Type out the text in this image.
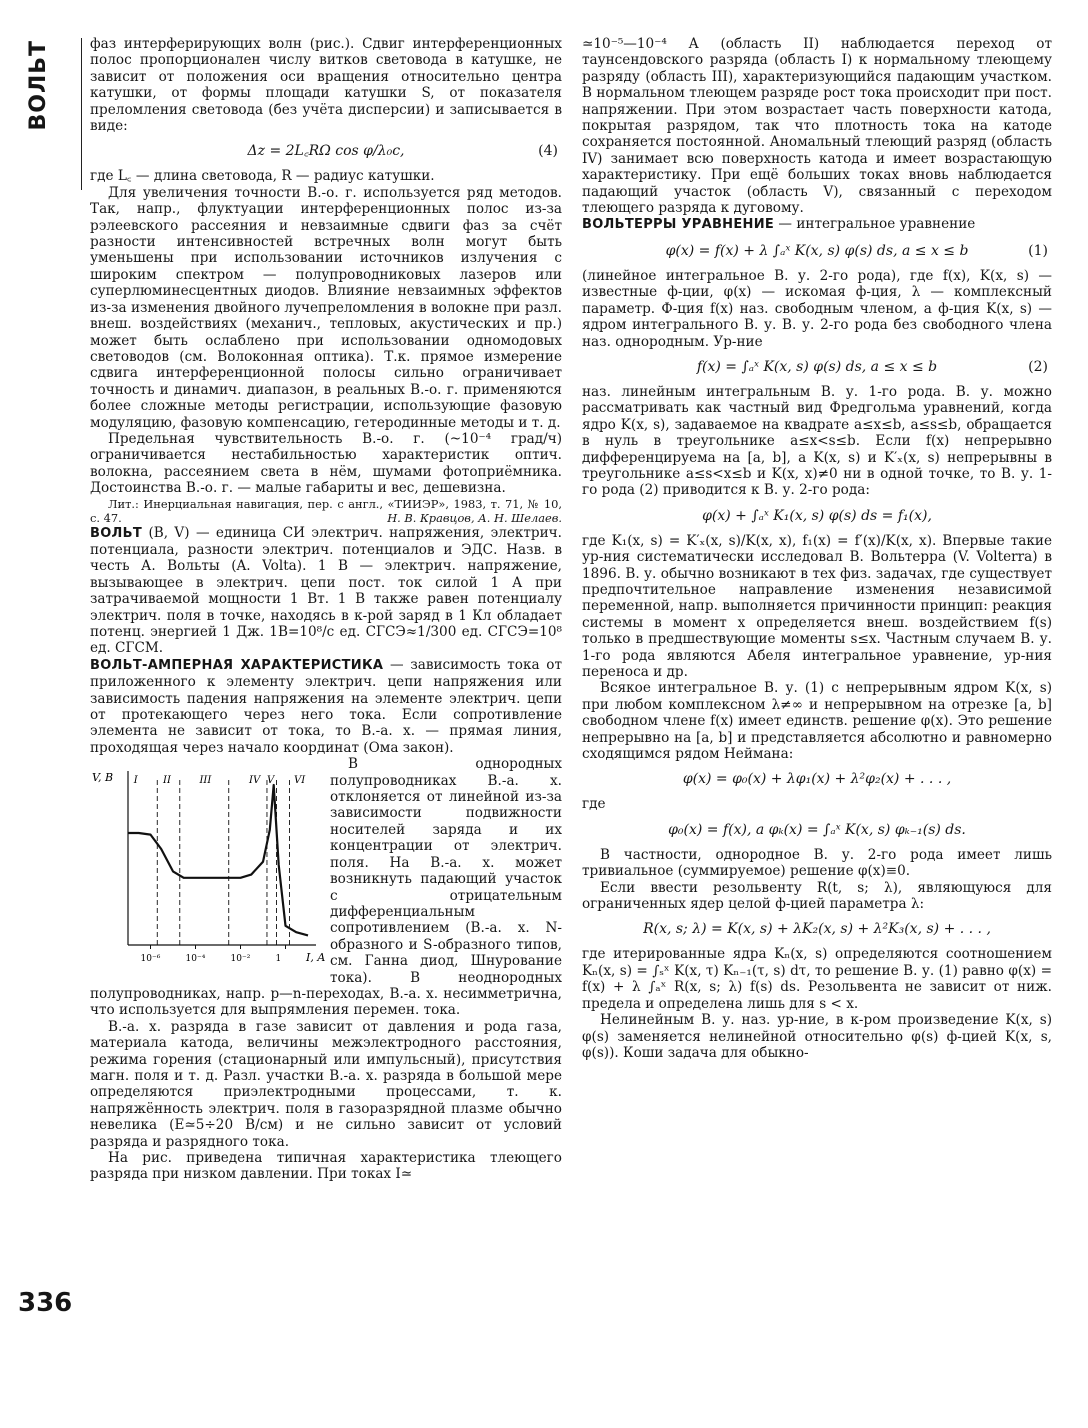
ВОЛЬТ
336

фаз интерферирующих волн (рис.). Сдвиг интерференционных полос пропорционален числу витков световода в катушке, не зависит от положения оси вращения относительно центра катушки, от формы площади катушки S, от показателя преломления световода (без учёта дисперсии) и записывается в виде:

Δz = 2L꜀RΩ cos φ/λ₀c,	(4)

где L꜀ — длина световода, R — радиус катушки.

Для увеличения точности В.-о. г. используется ряд методов. Так, напр., флуктуации интерференционных полос из-за рэлеевского рассеяния и невзаимные сдвиги фаз за счёт разности интенсивностей встречных волн могут быть уменьшены при использовании источников излучения с широким спектром — полупроводниковых лазеров или суперлюминесцентных диодов. Влияние невзаимных эффектов из-за изменения двойного лучепреломления в волокне при разл. внеш. воздействиях (механич., тепловых, акустических и пр.) может быть ослаблено при использовании одномодовых световодов (см. Волоконная оптика). Т.к. прямое измерение сдвига интерференционной полосы сильно ограничивает точность и динамич. диапазон, в реальных В.-о. г. применяются более сложные методы регистрации, использующие фазовую модуляцию, фазовую компенсацию, гетеродинные методы и т. д.

Предельная чувствительность В.-о. г. (~10⁻⁴ град/ч) ограничивается нестабильностью характеристик оптич. волокна, рассеянием света в нём, шумами фотоприёмника. Достоинства В.-о. г. — малые габариты и вес, дешевизна.

Лит.: Инерциальная навигация, пер. с англ., «ТИИЭР», 1983, т. 71, № 10, с. 47.	Н. В. Кравцов, А. Н. Шелаев.

ВОЛЬТ (В, V) — единица СИ электрич. напряжения, электрич. потенциала, разности электрич. потенциалов и ЭДС. Назв. в честь А. Вольты (A. Volta). 1 В — электрич. напряжение, вызывающее в электрич. цепи пост. ток силой 1 А при затрачиваемой мощности 1 Вт. 1 В также равен потенциалу электрич. поля в точке, находясь в к-рой заряд в 1 Кл обладает потенц. энергией 1 Дж. 1В=10⁸/c ед. СГСЭ≈1/300 ед. СГСЭ=10⁸ ед. СГСМ.

ВОЛЬТ-АМПЕРНАЯ ХАРАКТЕРИСТИКА — зависимость тока от приложенного к элементу электрич. цепи напряжения или зависимость падения напряжения на элементе электрич. цепи от протекающего через него тока. Если сопротивление элемента не зависит от тока, то В.-а. х. — прямая линия, проходящая через начало координат (Ома закон).

V, B
I, A
10⁻⁶	10⁻⁴	10⁻²	1
I	II	III	IV V VI

В однородных полупроводниках В.-а. х. отклоняется от линейной из-за зависимости подвижности носителей заряда и их концентрации от электрич. поля. На В.-а. х. может возникнуть падающий участок с отрицательным дифференциальным сопротивлением (В.-а. х. N-образного и S-образного типов, см. Ганна диод, Шнурование тока). В неоднородных полупроводниках, напр. p—n-переходах, В.-а. х. несимметрична, что используется для выпрямления перемен. тока.

В.-а. х. разряда в газе зависит от давления и рода газа, материала катода, величины межэлектродного расстояния, режима горения (стационарный или импульсный), присутствия магн. поля и т. д. Разл. участки В.-а. х. разряда в большой мере определяются приэлектродными процессами, т. к. напряжённость электрич. поля в газоразрядной плазме обычно невелика (E≃5÷20 В/см) и не сильно зависит от условий разряда и разрядного тока.

На рис. приведена типичная характеристика тлеющего разряда при низком давлении. При токах I≃

≃10⁻⁵—10⁻⁴ А (область II) наблюдается переход от таунсендовского разряда (область I) к нормальному тлеющему разряду (область III), характеризующийся падающим участком. В нормальном тлеющем разряде рост тока происходит при пост. напряжении. При этом возрастает часть поверхности катода, покрытая разрядом, так что плотность тока на катоде сохраняется постоянной. Аномальный тлеющий разряд (область IV) занимает всю поверхность катода и имеет возрастающую характеристику. При ещё больших токах вновь наблюдается падающий участок (область V), связанный с переходом тлеющего разряда к дуговому.

ВОЛЬТЕРРЫ УРАВНЕНИЕ — интегральное уравнение

φ(x) = f(x) + λ ∫ₐˣ K(x, s) φ(s) ds, a ≤ x ≤ b	(1)

(линейное интегральное В. у. 2-го рода), где f(x), K(x, s) — известные ф-ции, φ(x) — искомая ф-ция, λ — комплексный параметр. Ф-ция f(x) наз. свободным членом, а ф-ция K(x, s) — ядром интегрального В. у. В. у. 2-го рода без свободного члена наз. однородным. Ур-ние

f(x) = ∫ₐˣ K(x, s) φ(s) ds, a ≤ x ≤ b	(2)

наз. линейным интегральным В. у. 1-го рода. В. у. можно рассматривать как частный вид Фредгольма уравнений, когда ядро K(x, s), задаваемое на квадрате a≤x≤b, a≤s≤b, обращается в нуль в треугольнике a≤x<s≤b. Если f(x) непрерывно дифференцируема на [a, b], а K(x, s) и K′ₓ(x, s) непрерывны в треугольнике a≤s<x≤b и K(x, x)≠0 ни в одной точке, то В. у. 1-го рода (2) приводится к В. у. 2-го рода:

φ(x) + ∫ₐˣ K₁(x, s) φ(s) ds = f₁(x),

где K₁(x, s) = K′ₓ(x, s)/K(x, x), f₁(x) = f′(x)/K(x, x). Впервые такие ур-ния систематически исследовал В. Вольтерра (V. Volterra) в 1896. В. у. обычно возникают в тех физ. задачах, где существует предпочтительное направление изменения независимой переменной, напр. выполняется причинности принцип: реакция системы в момент x определяется внеш. воздействием f(s) только в предшествующие моменты s≤x. Частным случаем В. у. 1-го рода являются Абеля интегральное уравнение, ур-ния переноса и др.

Всякое интегральное В. у. (1) с непрерывным ядром K(x, s) при любом комплексном λ≠∞ и непрерывном на отрезке [a, b] свободном члене f(x) имеет единств. решение φ(x). Это решение непрерывно на [a, b] и представляется абсолютно и равномерно сходящимся рядом Неймана:

φ(x) = φ₀(x) + λφ₁(x) + λ²φ₂(x) + . . . ,

где

φ₀(x) = f(x), а φₖ(x) = ∫ₐˣ K(x, s) φₖ₋₁(s) ds.

В частности, однородное В. у. 2-го рода имеет лишь тривиальное (суммируемое) решение φ(x)≡0.

Если ввести резольвенту R(t, s; λ), являющуюся для ограниченных ядер целой ф-цией параметра λ:

R(x, s; λ) = K(x, s) + λK₂(x, s) + λ²K₃(x, s) + . . . ,

где итерированные ядра Kₙ(x, s) определяются соотношением Kₙ(x, s) = ∫ₛˣ K(x, τ) Kₙ₋₁(τ, s) dτ, то решение В. у. (1) равно φ(x) = f(x) + λ ∫ₐˣ R(x, s; λ) f(s) ds. Резольвента не зависит от ниж. предела и определена лишь для s < x.

Нелинейным В. у. наз. ур-ние, в к-ром произведение K(x, s) φ(s) заменяется нелинейной относительно φ(s) ф-цией K(x, s, φ(s)). Коши задача для обыкно-
